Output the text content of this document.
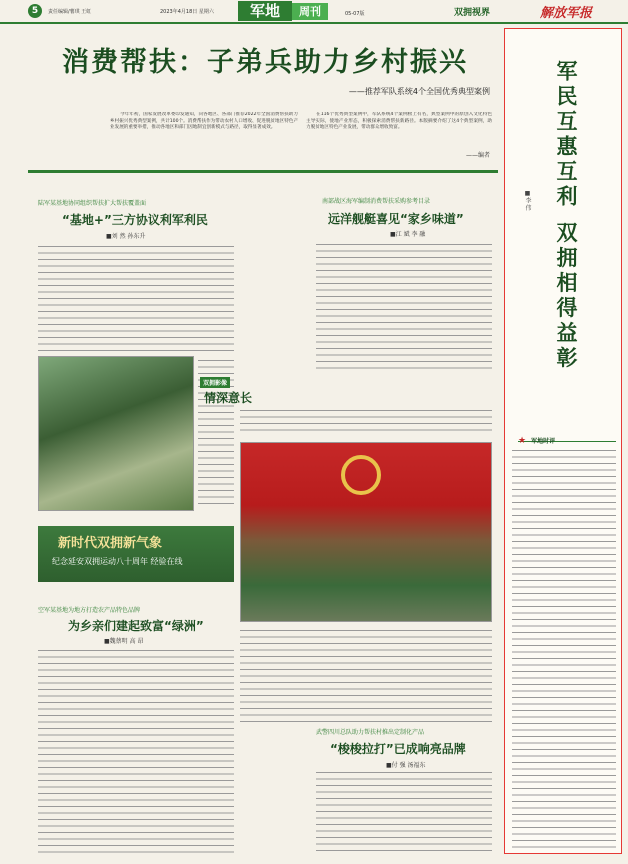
5	责任编辑/薯琪 王虹	2023年4月18日 星期六	军地	周刊	05-07版	双拥视界	解放军报
消费帮扶：子弟兵助力乡村振兴
——推荐军队系统4个全国优秀典型案例

今年年初，国家发展改革委印发通知，向各地区、各部门推荐2022年全国消费帮扶助力乡村振兴优秀典型案例，共计100个。消费帮扶作为带动农村人口增收、促进脱贫地区特色产业发展的重要举措，推动各地区和部门因地制宜创新模式与路径，取得显著成效。

在116个优秀典型案例中，军队系统4个案例榜上有名，典型案例中的原创入文化特色主导实际，使地产业形态，积极探索消费帮扶新路径。本版摘要介绍了这4个典型案例，助力脱贫地区特色产业发展，带动群众增收致富。

——编者
陆军某基地协同组织帮扶扩大帮扶覆盖面
“基地+”三方协议利军利民
■刘 然 孙东升
南部战区海军编制消费帮扶采购参考目录
远洋舰艇喜见“家乡味道”
■江 斌 李 融
双拥影像
情深意长
新时代双拥新气象
纪念延安双拥运动八十周年 经验在线
空军某基地为地方打造农产品特色品牌
为乡亲们建起致富“绿洲”
■魏蔡明 高 昂
武警四川总队助力帮扶村推出定制化产品
“梭梭拉打”已成响亮品牌
■付 强 汤福东
军民互惠互利 双拥相得益彰
■李 伟
★ 军地时评
